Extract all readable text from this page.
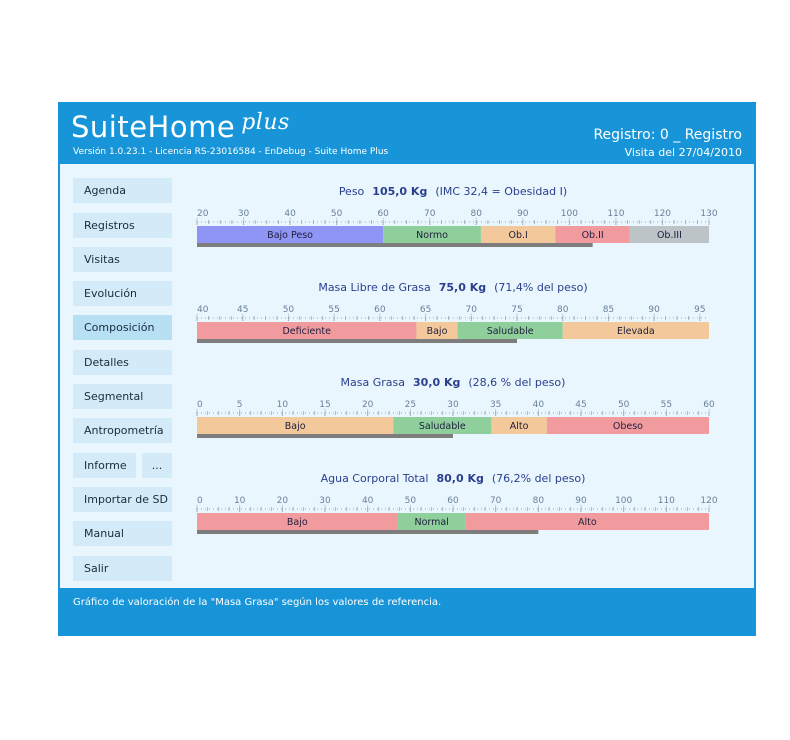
SuiteHome $^{plus}$
Versión 1.0.23.1 - Licencia RS-23016584 - EnDebug - Suite Home Plus
Registro: 0 _ Registro
Visita del 27/04/2010
Agenda
Registros
Visitas
Evolución
Composición
Detalles
Segmental
Antropometría
Informe	...
Importar de SD
Manual
Salir
Peso 105,0 Kg (IMC 32,4 = Obesidad I)
20	30	40	50	60	70	80	90	100	110	120	130
Bajo Peso	Normo	Ob.I	Ob.II	Ob.III
Masa Libre de Grasa 75,0 Kg (71,4% del peso)
40	45	50	55	60	65	70	75	80	85	90	95
Deficiente	Bajo	Saludable	Elevada
Masa Grasa 30,0 Kg (28,6 % del peso)
0	5	10	15	20	25	30	35	40	45	50	55	60
Bajo	Saludable	Alto	Obeso
Agua Corporal Total 80,0 Kg (76,2% del peso)
0	10	20	30	40	50	60	70	80	90	100	110	120
Bajo	Normal	Alto
Gráfico de valoración de la "Masa Grasa" según los valores de referencia.
